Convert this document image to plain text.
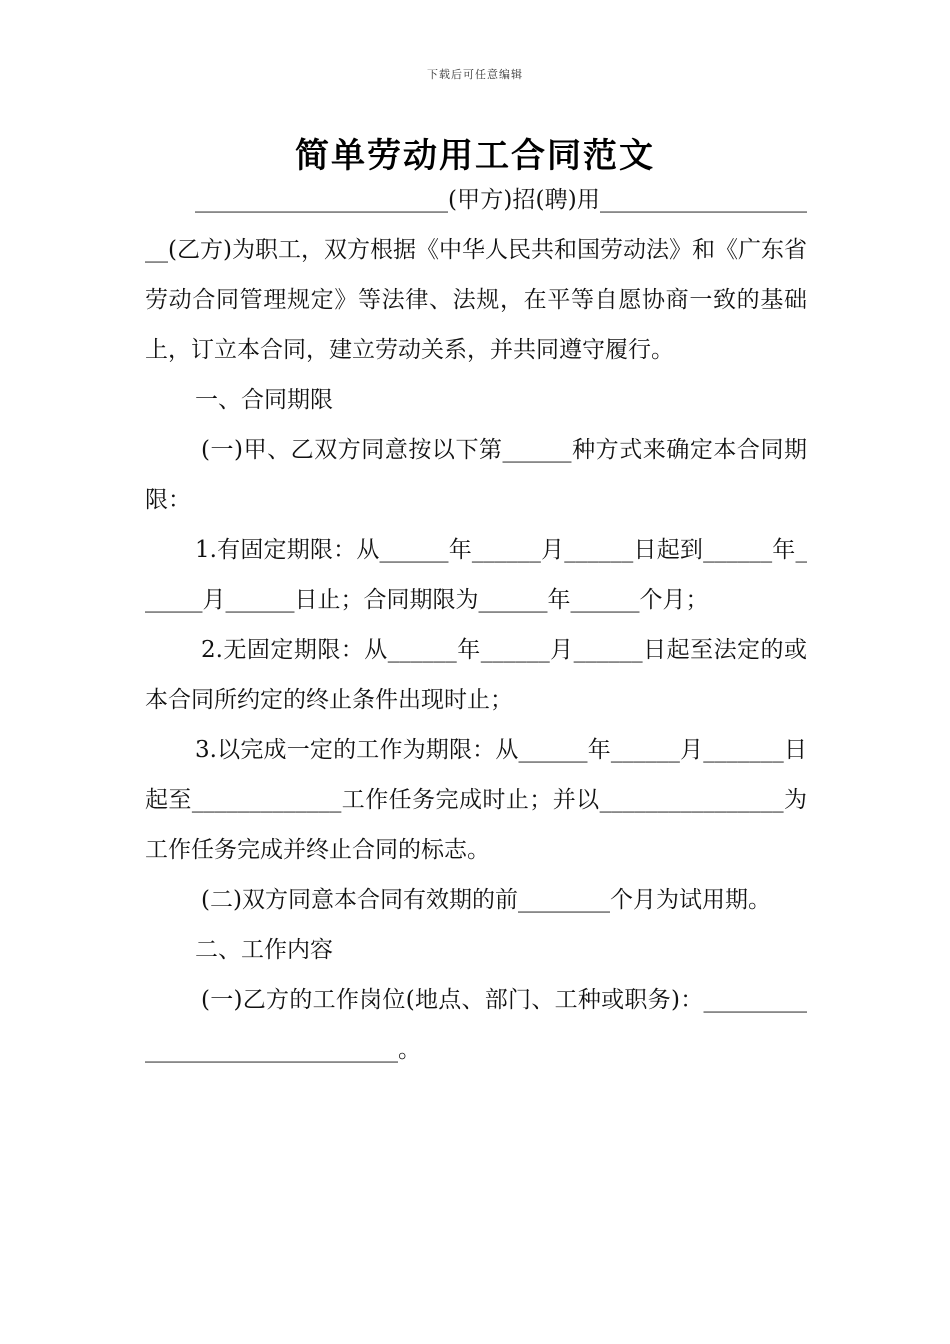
下载后可任意编辑
简单劳动用工合同范文

______________________(甲方)招(聘)用____________________(乙方)为职工，双方根据《中华人民共和国劳动法》和《广东省劳动合同管理规定》等法律、法规，在平等自愿协商一致的基础上，订立本合同，建立劳动关系，并共同遵守履行。

一、合同期限

(一)甲、乙双方同意按以下第______种方式来确定本合同期限：

1.有固定期限：从______年______月______日起到______年______月______日止；合同期限为______年______个月；

2.无固定期限：从______年______月______日起至法定的或本合同所约定的终止条件出现时止；

3.以完成一定的工作为期限：从______年______月_______日起至_____________工作任务完成时止；并以________________为工作任务完成并终止合同的标志。

(二)双方同意本合同有效期的前________个月为试用期。

二、工作内容

(一)乙方的工作岗位(地点、部门、工种或职务)：_______________________________。
